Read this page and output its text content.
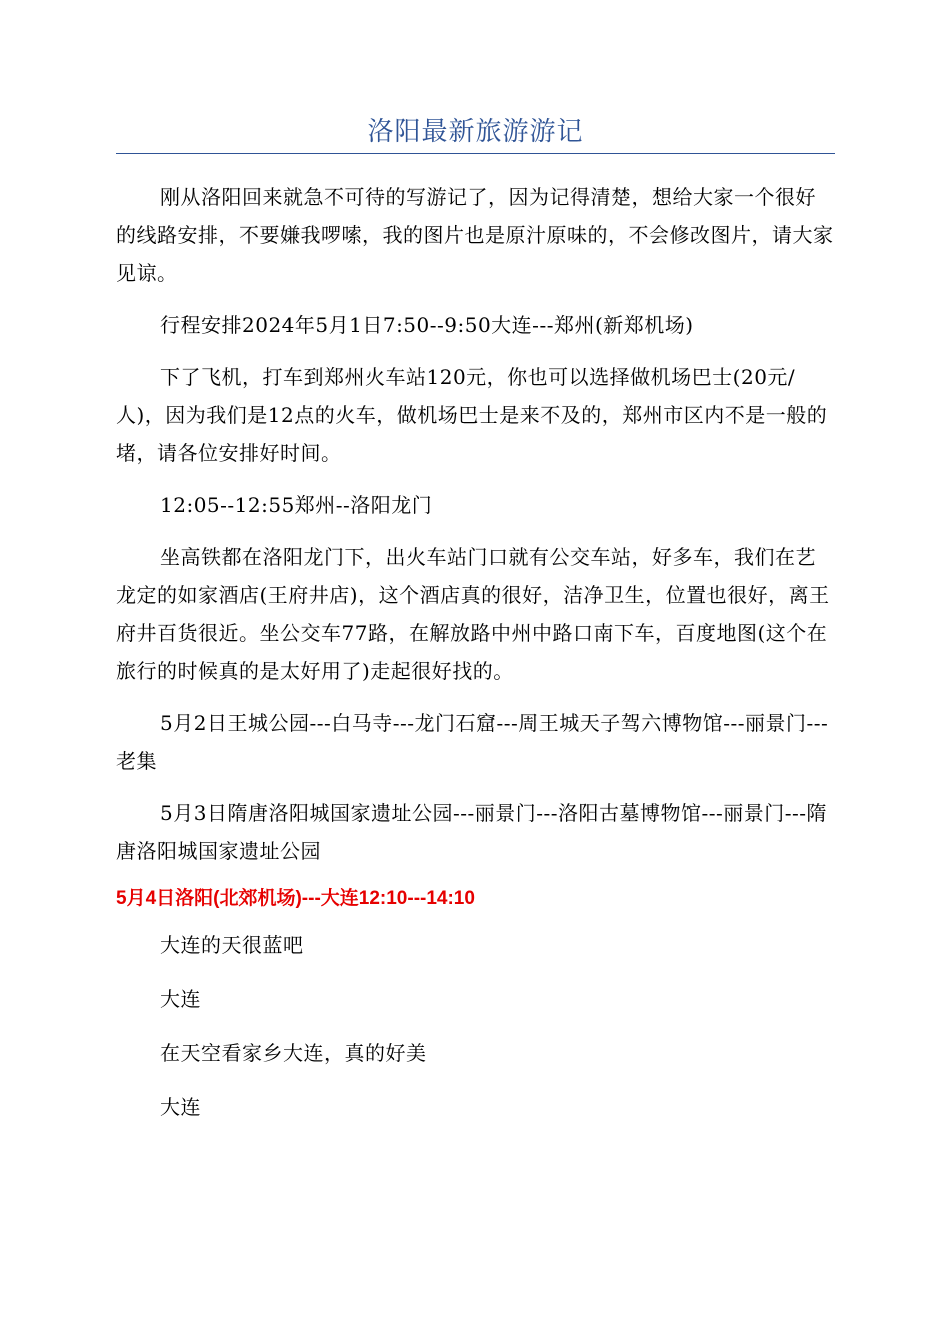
洛阳最新旅游游记

刚从洛阳回来就急不可待的写游记了，因为记得清楚，想给大家一个很好的线路安排，不要嫌我啰嗦，我的图片也是原汁原味的，不会修改图片，请大家见谅。

行程安排2024年5月1日7:50--9:50大连---郑州(新郑机场)

下了飞机，打车到郑州火车站120元，你也可以选择做机场巴士(20元/人)，因为我们是12点的火车，做机场巴士是来不及的，郑州市区内不是一般的堵，请各位安排好时间。

12:05--12:55郑州--洛阳龙门

坐高铁都在洛阳龙门下，出火车站门口就有公交车站，好多车，我们在艺龙定的如家酒店(王府井店)，这个酒店真的很好，洁净卫生，位置也很好，离王府井百货很近。坐公交车77路，在解放路中州中路口南下车，百度地图(这个在旅行的时候真的是太好用了)走起很好找的。

5月2日王城公园---白马寺---龙门石窟---周王城天子驾六博物馆---丽景门---老集

5月3日隋唐洛阳城国家遗址公园---丽景门---洛阳古墓博物馆---丽景门---隋唐洛阳城国家遗址公园

5月4日洛阳(北郊机场)---大连12:10---14:10

大连的天很蓝吧

大连

在天空看家乡大连，真的好美

大连
